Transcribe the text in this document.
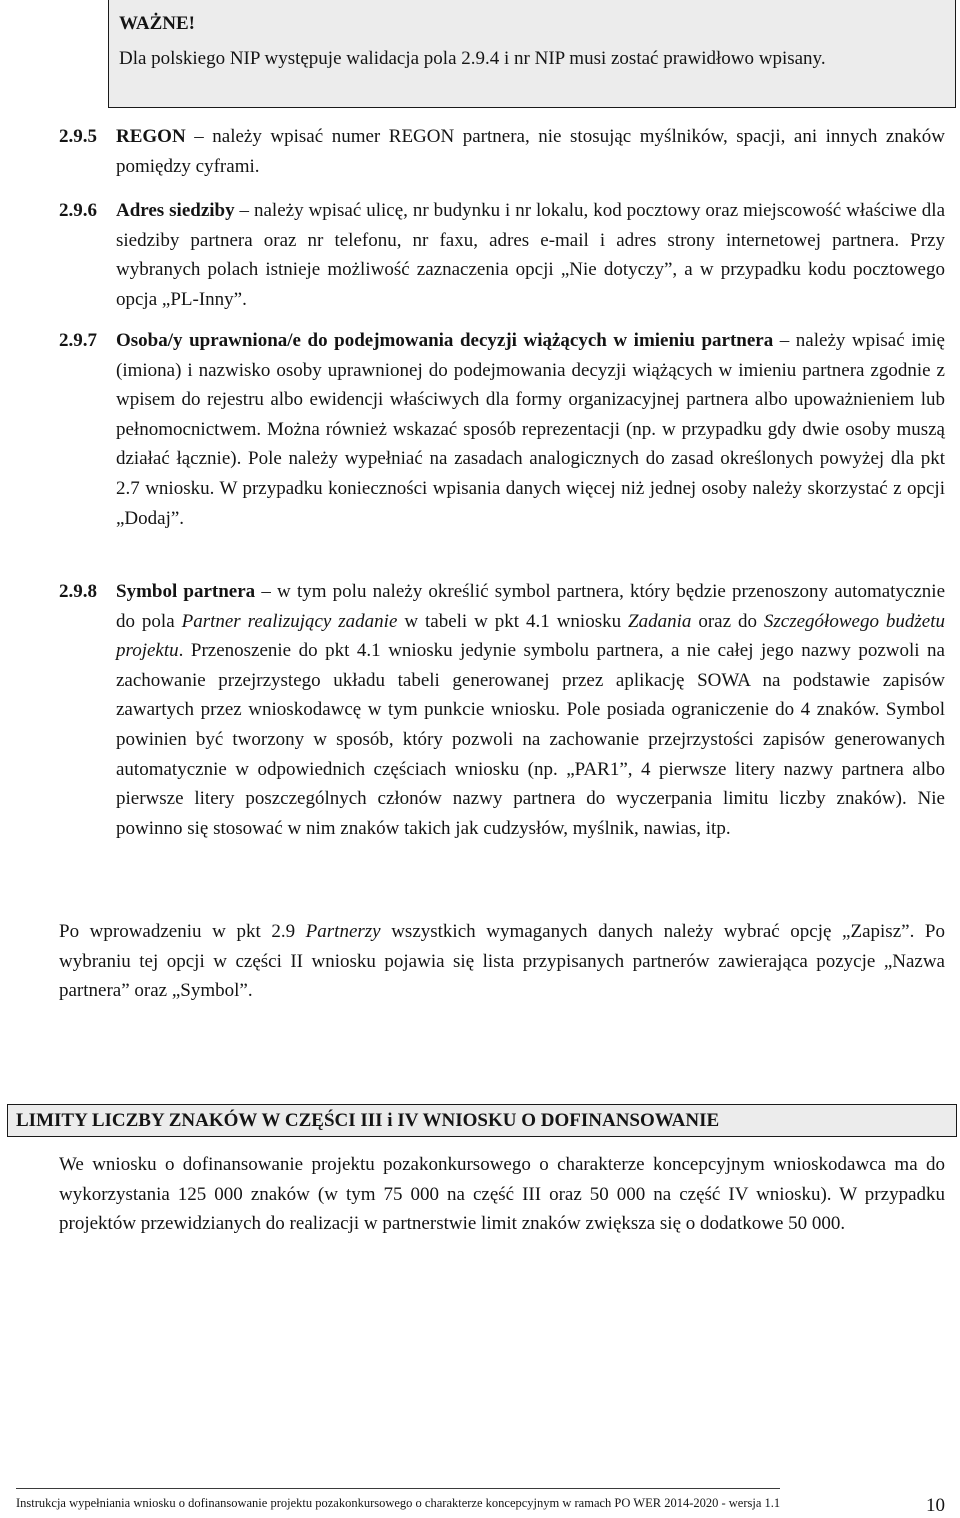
WAŻNE!

Dla polskiego NIP występuje walidacja pola 2.9.4 i nr NIP musi zostać prawidłowo wpisany.

2.9.5 REGON – należy wpisać numer REGON partnera, nie stosując myślników, spacji, ani innych znaków pomiędzy cyframi.
2.9.6 Adres siedziby – należy wpisać ulicę, nr budynku i nr lokalu, kod pocztowy oraz miejscowość właściwe dla siedziby partnera oraz nr telefonu, nr faxu, adres e-mail i adres strony internetowej partnera. Przy wybranych polach istnieje możliwość zaznaczenia opcji „Nie dotyczy”, a w przypadku kodu pocztowego opcja „PL-Inny”.
2.9.7 Osoba/y uprawniona/e do podejmowania decyzji wiążących w imieniu partnera – należy wpisać imię (imiona) i nazwisko osoby uprawnionej do podejmowania decyzji wiążących w imieniu partnera zgodnie z wpisem do rejestru albo ewidencji właściwych dla formy organizacyjnej partnera albo upoważnieniem lub pełnomocnictwem. Można również wskazać sposób reprezentacji (np. w przypadku gdy dwie osoby muszą działać łącznie). Pole należy wypełniać na zasadach analogicznych do zasad określonych powyżej dla pkt 2.7 wniosku. W przypadku konieczności wpisania danych więcej niż jednej osoby należy skorzystać z opcji „Dodaj”.
2.9.8 Symbol partnera – w tym polu należy określić symbol partnera, który będzie przenoszony automatycznie do pola Partner realizujący zadanie w tabeli w pkt 4.1 wniosku Zadania oraz do Szczegółowego budżetu projektu. Przenoszenie do pkt 4.1 wniosku jedynie symbolu partnera, a nie całej jego nazwy pozwoli na zachowanie przejrzystego układu tabeli generowanej przez aplikację SOWA na podstawie zapisów zawartych przez wnioskodawcę w tym punkcie wniosku. Pole posiada ograniczenie do 4 znaków. Symbol powinien być tworzony w sposób, który pozwoli na zachowanie przejrzystości zapisów generowanych automatycznie w odpowiednich częściach wniosku (np. „PAR1”, 4 pierwsze litery nazwy partnera albo pierwsze litery poszczególnych członów nazwy partnera do wyczerpania limitu liczby znaków). Nie powinno się stosować w nim znaków takich jak cudzysłów, myślnik, nawias, itp.
Po wprowadzeniu w pkt 2.9 Partnerzy wszystkich wymaganych danych należy wybrać opcję „Zapisz”. Po wybraniu tej opcji w części II wniosku pojawia się lista przypisanych partnerów zawierająca pozycje „Nazwa partnera” oraz „Symbol”.
LIMITY LICZBY ZNAKÓW W CZĘŚCI III i IV WNIOSKU O DOFINANSOWANIE
We wniosku o dofinansowanie projektu pozakonkursowego o charakterze koncepcyjnym wnioskodawca ma do wykorzystania 125 000 znaków (w tym 75 000 na część III oraz 50 000 na część IV wniosku). W przypadku projektów przewidzianych do realizacji w partnerstwie limit znaków zwiększa się o dodatkowe 50 000.
Instrukcja wypełniania wniosku o dofinansowanie projektu pozakonkursowego o charakterze koncepcyjnym w ramach PO WER 2014-2020 - wersja 1.1	10
